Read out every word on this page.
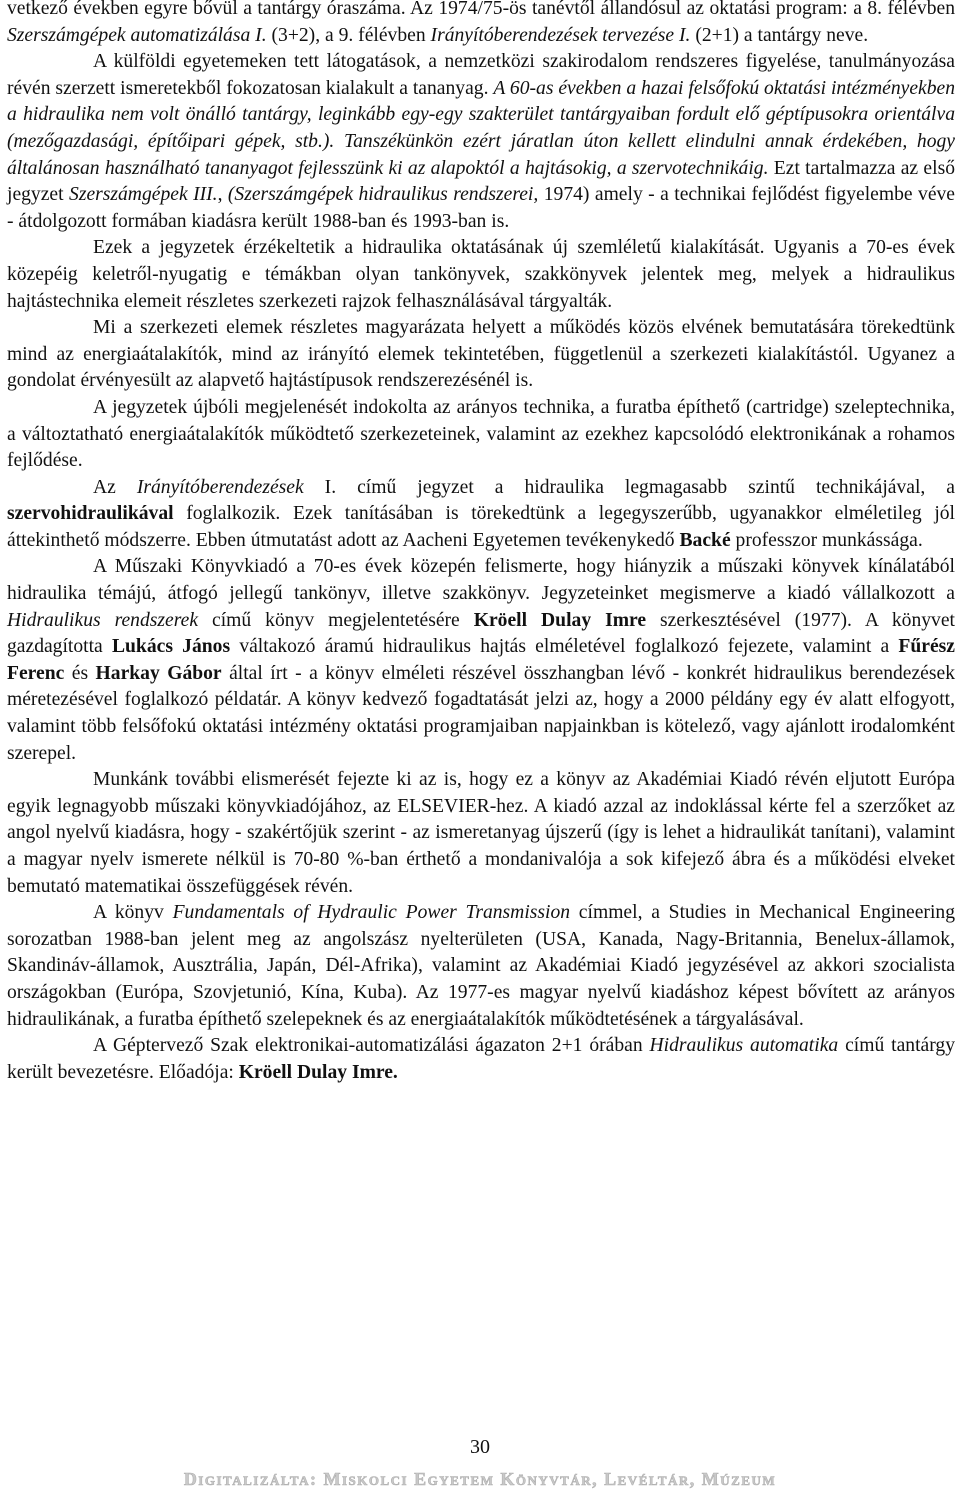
vetkező években egyre bővül a tantárgy óraszáma. Az 1974/75-ös tanévtől állandósul az oktatási program: a 8. félévben Szerszámgépek automatizálása I. (3+2), a 9. félévben Irányítóberendezések tervezése I. (2+1) a tantárgy neve.

A külföldi egyetemeken tett látogatások, a nemzetközi szakirodalom rendszeres figyelése, tanulmányozása révén szerzett ismeretekből fokozatosan kialakult a tananyag. A 60-as években a hazai felsőfokú oktatási intézményekben a hidraulika nem volt önálló tantárgy, leginkább egy-egy szakterület tantárgyaiban fordult elő géptípusokra orientálva (mezőgazdasági, építőipari gépek, stb.). Tanszékünkön ezért járatlan úton kellett elindulni annak érdekében, hogy általánosan használható tananyagot fejlesszünk ki az alapoktól a hajtásokig, a szervotechnikáig. Ezt tartalmazza az első jegyzet Szerszámgépek III., (Szerszámgépek hidraulikus rendszerei, 1974) amely - a technikai fejlődést figyelembe véve - átdolgozott formában kiadásra került 1988-ban és 1993-ban is.

Ezek a jegyzetek érzékeltetik a hidraulika oktatásának új szemléletű kialakítását. Ugyanis a 70-es évek közepéig keletről-nyugatig e témákban olyan tankönyvek, szakkönyvek jelentek meg, melyek a hidraulikus hajtástechnika elemeit részletes szerkezeti rajzok felhasználásával tárgyalták.

Mi a szerkezeti elemek részletes magyarázata helyett a működés közös elvének bemutatására törekedtünk mind az energiaátalakítók, mind az irányító elemek tekintetében, függetlenül a szerkezeti kialakítástól. Ugyanez a gondolat érvényesült az alapvető hajtástípusok rendszerezésénél is.

A jegyzetek újbóli megjelenését indokolta az arányos technika, a furatba építhető (cartridge) szeleptechnika, a változtatható energiaátalakítók működtető szerkezeteinek, valamint az ezekhez kapcsolódó elektronikának a rohamos fejlődése.

Az Irányítóberendezések I. című jegyzet a hidraulika legmagasabb szintű technikájával, a szervohidraulikával foglalkozik. Ezek tanításában is törekedtünk a legegyszerűbb, ugyanakkor elméletileg jól áttekinthető módszerre. Ebben útmutatást adott az Aacheni Egyetemen tevékenykedő Backé professzor munkássága.

A Műszaki Könyvkiadó a 70-es évek közepén felismerte, hogy hiányzik a műszaki könyvek kínálatából hidraulika témájú, átfogó jellegű tankönyv, illetve szakkönyv. Jegyzeteinket megismerve a kiadó vállalkozott a Hidraulikus rendszerek című könyv megjelentetésére Kröell Dulay Imre szerkesztésével (1977). A könyvet gazdagította Lukács János váltakozó áramú hidraulikus hajtás elméletével foglalkozó fejezete, valamint a Fűrész Ferenc és Harkay Gábor által írt - a könyv elméleti részével összhangban lévő - konkrét hidraulikus berendezések méretezésével foglalkozó példatár. A könyv kedvező fogadtatását jelzi az, hogy a 2000 példány egy év alatt elfogyott, valamint több felsőfokú oktatási intézmény oktatási programjaiban napjainkban is kötelező, vagy ajánlott irodalomként szerepel.

Munkánk további elismerését fejezte ki az is, hogy ez a könyv az Akadémiai Kiadó révén eljutott Európa egyik legnagyobb műszaki könyvkiadójához, az ELSEVIER-hez. A kiadó azzal az indoklással kérte fel a szerzőket az angol nyelvű kiadásra, hogy - szakértőjük szerint - az ismeretanyag újszerű (így is lehet a hidraulikát tanítani), valamint a magyar nyelv ismerete nélkül is 70-80 %-ban érthető a mondanivalója a sok kifejező ábra és a működési elveket bemutató matematikai összefüggések révén.

A könyv Fundamentals of Hydraulic Power Transmission címmel, a Studies in Mechanical Engineering sorozatban 1988-ban jelent meg az angolszász nyelterületen (USA, Kanada, Nagy-Britannia, Benelux-államok, Skandináv-államok, Ausztrália, Japán, Dél-Afrika), valamint az Akadémiai Kiadó jegyzésével az akkori szocialista országokban (Európa, Szovjetunió, Kína, Kuba). Az 1977-es magyar nyelvű kiadáshoz képest bővített az arányos hidraulikának, a furatba építhető szelepeknek és az energiaátalakítók működtetésének a tárgyalásával.

A Géptervező Szak elektronikai-automatizálási ágazaton 2+1 órában Hidraulikus automatika című tantárgy került bevezetésre. Előadója: Kröell Dulay Imre.

30
Digitalizálta: Miskolci Egyetem Könyvtár, Levéltár, Múzeum
